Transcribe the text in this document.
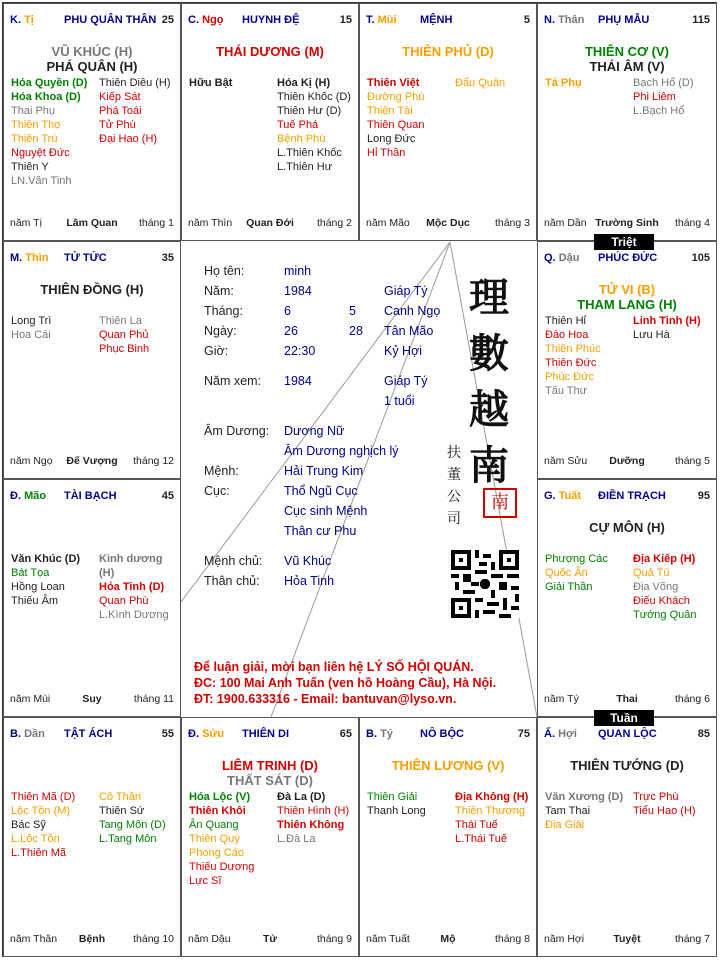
K. Tị	PHU QUÂN THÂN 25
VŨ KHÚC (H)
PHÁ QUÂN (H)
Hóa Quyền (D)
Hóa Khoa (D)
Thai Phụ
Thiên Thọ
Thiên Trù
Nguyệt Đức
Thiên Y
LN.Văn Tinh
Thiên Diêu (H)
Kiếp Sát
Phá Toái
Tử Phù
Đại Hao (H)
năm Tị	Lâm Quan	tháng 1
C. Ngọ HUYNH ĐỆ	15
THÁI DƯƠNG (M)
Hữu Bật	Hóa Kị (H)
Thiên Khốc (D)
Thiên Hư (D)
Tuế Phá
Bệnh Phù
L.Thiên Khốc
L.Thiên Hư
năm Thìn	Quan Đới	tháng 2
T. Mùi MỆNH	5
THIÊN PHỦ (D)
Thiên Việt
Đường Phù
Thiên Tài
Thiên Quan
Long Đức
Hỉ Thần
Đẩu Quân
năm Mão	Mộc Dục	tháng 3
N. Thân PHỤ MẪU	115
THIÊN CƠ (V)
THÁI ÂM (V)
Tả Phụ	Bạch Hổ (D)
Phi Liêm
L.Bạch Hổ
năm Dần Trường Sinh	tháng 4
M. Thìn TỬ TỨC	35
THIÊN ĐỒNG (H)
Long Trì
Hoa Cái
Thiên La
Quan Phủ
Phục Binh
năm Ngọ	Đế Vượng	tháng 12
Q. Dậu PHÚC ĐỨC	105
TỬ VI (B)
THAM LANG (H)
Thiên Hỉ
Đào Hoa
Thiên Phúc
Thiên Đức
Phúc Đức
Tấu Thư
Linh Tinh (H)
Lưu Hà
năm Sửu	Dưỡng	tháng 5
Đ. Mão TÀI BẠCH	45
Văn Khúc (D)
Bát Tọa
Hồng Loan
Thiếu Âm
Kình dương (H)
Hỏa Tinh (D)
Quan Phù
L.Kình Dương
năm Mùi	Suy	tháng 11
G. Tuất ĐIỀN TRẠCH	95
CỰ MÔN (H)
Phượng Các
Quốc Ấn
Giải Thần
Địa Kiếp (H)
Quả Tú
Địa Võng
Điếu Khách
Tướng Quân
năm Tý	Thai	tháng 6
B. Dần TẬT ÁCH	55
Thiên Mã (D)
Lộc Tồn (M)
Bác Sỹ
L.Lộc Tồn
L.Thiên Mã
Cô Thần
Thiên Sứ
Tang Môn (D)
L.Tang Môn
năm Thân	Bệnh	tháng 10
Đ. Sửu THIÊN DI	65
LIÊM TRINH (D)
THẤT SÁT (D)
Hóa Lộc (V)
Thiên Khôi
Ân Quang
Thiên Quý
Phong Cáo
Thiếu Dương
Lực Sĩ
Đà La (D)
Thiên Hình (H)
Thiên Không
L.Đà La
năm Dậu	Tử	tháng 9
B. Tý NÔ BỘC	75
THIÊN LƯƠNG (V)
Thiên Giải
Thanh Long
Địa Không (H)
Thiên Thương
Thái Tuế
L.Thái Tuế
năm Tuất	Mộ	tháng 8
Ấ. Hợi QUAN LỘC	85
THIÊN TƯỚNG (D)
Văn Xương (D)
Tam Thai
Địa Giải
Trực Phù
Tiểu Hao (H)
năm Hợi	Tuyệt	tháng 7
Triệt
Tuần
Họ tên:	minh
Năm:	1984	Giáp Tý
Tháng:	6	5 Canh Ngọ
Ngày:	26	28 Tân Mão
Giờ:	22:30	Kỷ Hợi
Năm xem: 1984	Giáp Tý
1 tuổi
Âm Dương: Dương Nữ
Âm Dương nghịch lý
Mệnh:	Hải Trung Kim
Cục:	Thổ Ngũ Cục
Cục sinh Mệnh
Thân cư Phu
Mệnh chủ: Vũ Khúc
Thân chủ: Hỏa Tinh
理數越南
扶董公司
南
Để luận giải, mời bạn liên hệ LÝ SỐ HỘI QUÁN.
ĐC: 100 Mai Anh Tuấn (ven hồ Hoàng Cầu), Hà Nội.
ĐT: 1900.633316 - Email: bantuvan@lyso.vn.
